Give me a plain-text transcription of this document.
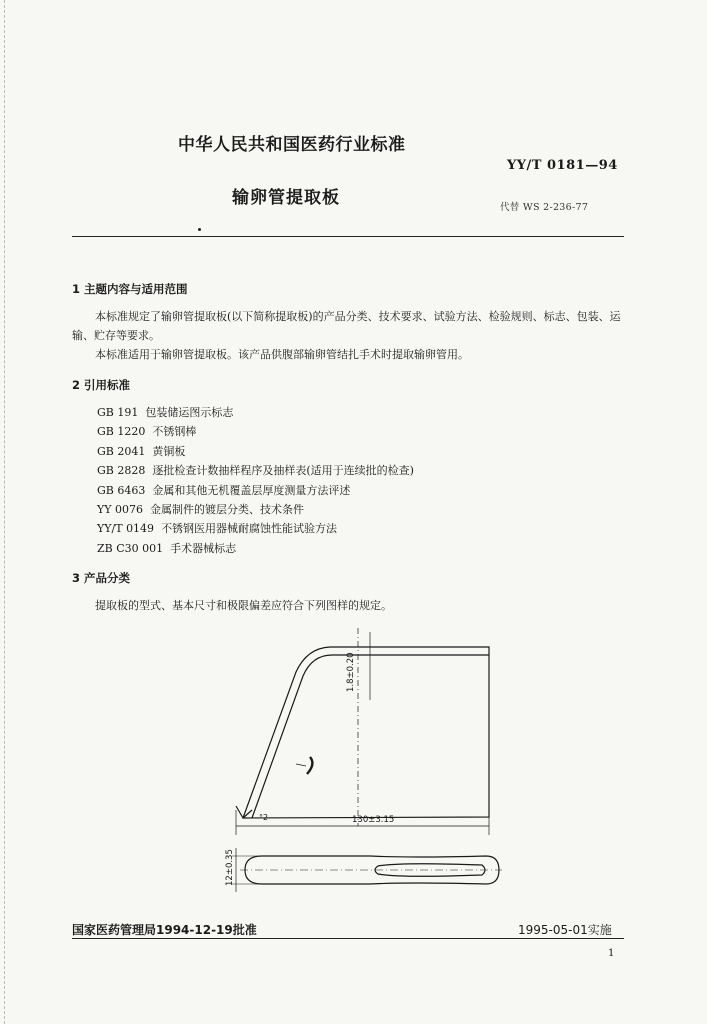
中华人民共和国医药行业标准
YY/T 0181—94
输卵管提取板	代替 WS 2-236-77
1 主题内容与适用范围

本标准规定了输卵管提取板(以下简称提取板)的产品分类、技术要求、试验方法、检验规则、标志、包装、运输、贮存等要求。

本标准适用于输卵管提取板。该产品供腹部输卵管结扎手术时提取输卵管用。

2 引用标准
GB 191 包装储运图示标志
GB 1220 不锈钢棒
GB 2041 黄铜板
GB 2828 逐批检查计数抽样程序及抽样表(适用于连续批的检查)
GB 6463 金属和其他无机覆盖层厚度测量方法评述
YY 0076 金属制件的镀层分类、技术条件
YY/T 0149 不锈钢医用器械耐腐蚀性能试验方法
ZB C30 001 手术器械标志
3 产品分类

提取板的型式、基本尺寸和极限偏差应符合下列图样的规定。

1.8±0.20
130±3.15
°2
12±0.35
国家医药管理局1994-12-19批准	1995-05-01实施
1
